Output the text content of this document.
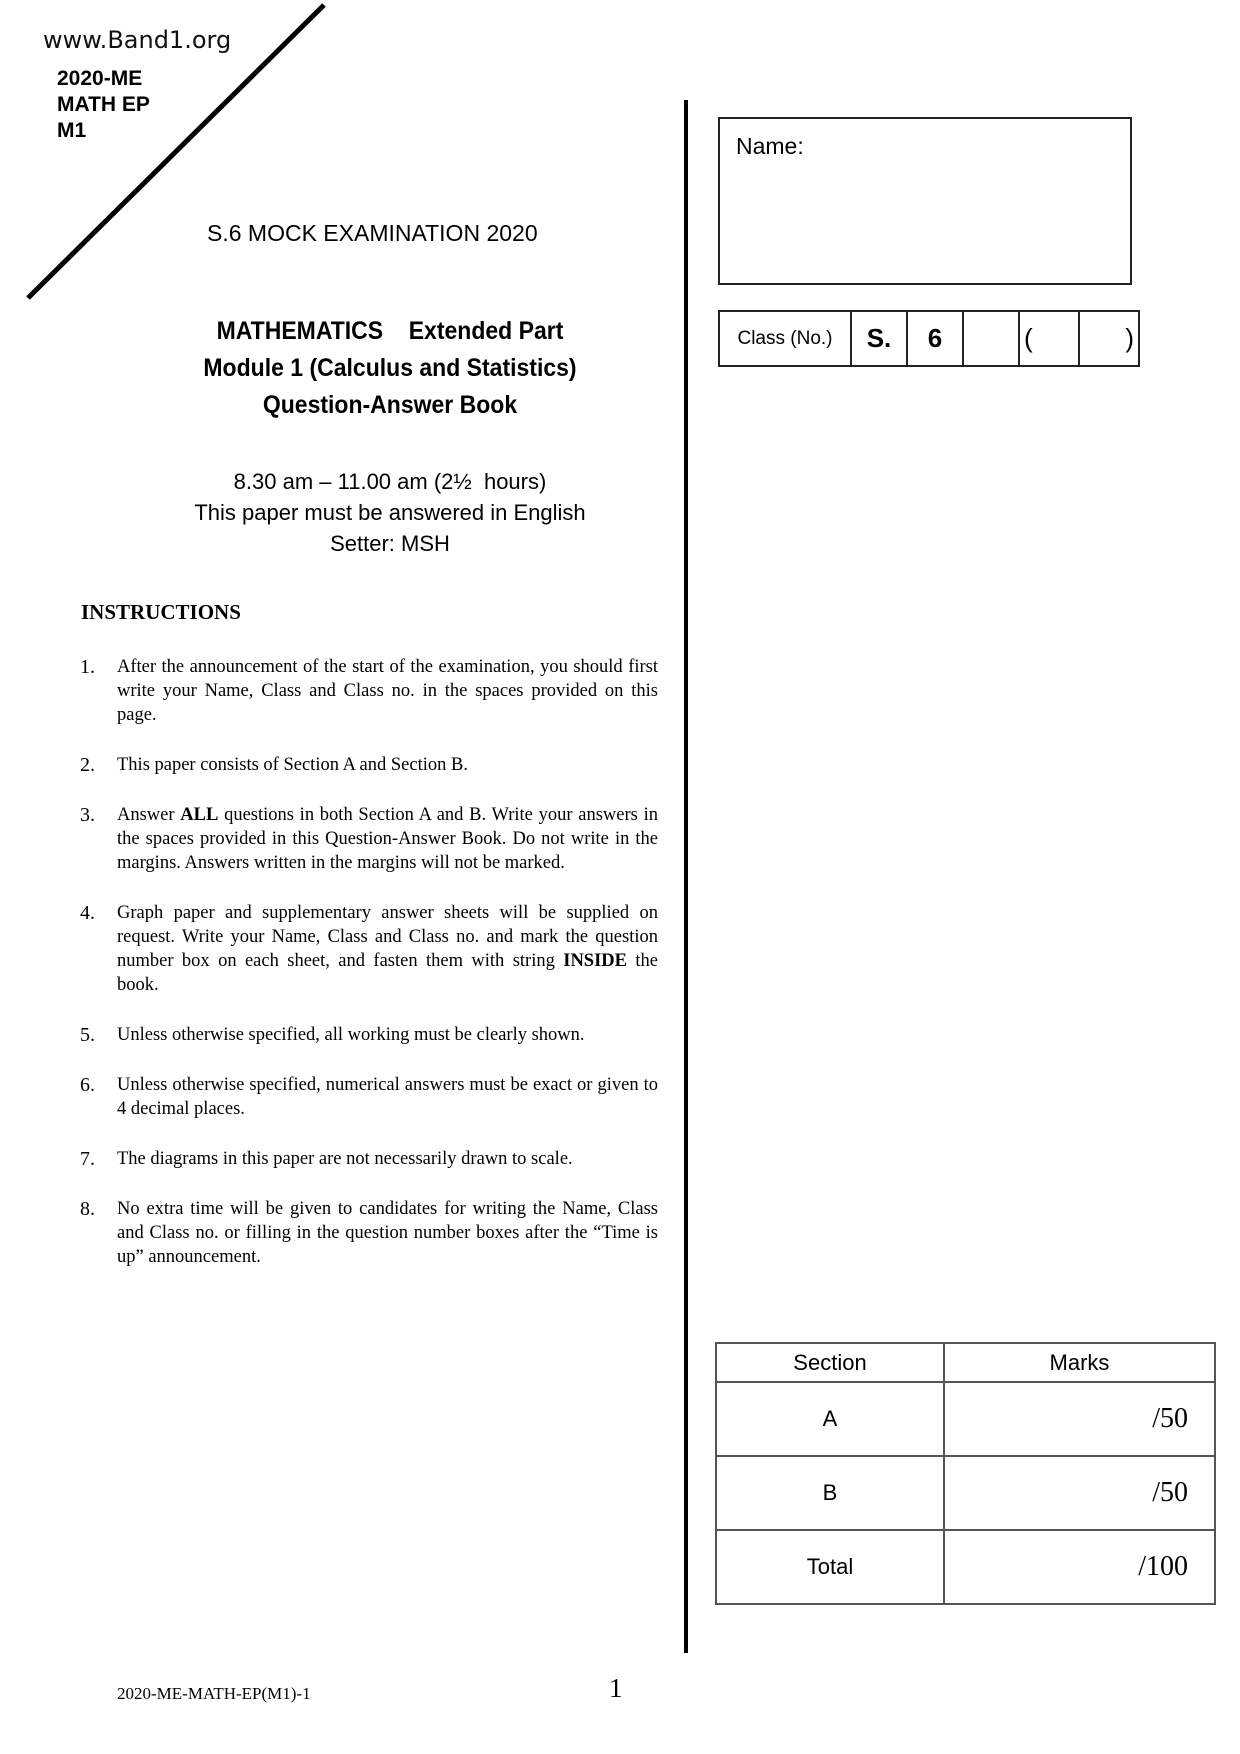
www.Band1.org
2020-ME
MATH EP
M1
S.6 MOCK EXAMINATION 2020
MATHEMATICS    Extended Part
Module 1 (Calculus and Statistics)
Question-Answer Book
8.30 am – 11.00 am (2½  hours)
This paper must be answered in English
Setter: MSH
Name:
Class (No.)	S.	6		(	)
INSTRUCTIONS
1.	After the announcement of the start of the examination, you should first write your Name, Class and Class no. in the spaces provided on this page.
2.	This paper consists of Section A and Section B.
3.	Answer ALL questions in both Section A and B. Write your answers in the spaces provided in this Question-Answer Book. Do not write in the margins. Answers written in the margins will not be marked.
4.	Graph paper and supplementary answer sheets will be supplied on request. Write your Name, Class and Class no. and mark the question number box on each sheet, and fasten them with string INSIDE the book.
5.	Unless otherwise specified, all working must be clearly shown.
6.	Unless otherwise specified, numerical answers must be exact or given to 4 decimal places.
7.	The diagrams in this paper are not necessarily drawn to scale.
8.	No extra time will be given to candidates for writing the Name, Class and Class no. or filling in the question number boxes after the “Time is up” announcement.
Section	Marks
A	/50
B	/50
Total	/100
2020-ME-MATH-EP(M1)-1	1
